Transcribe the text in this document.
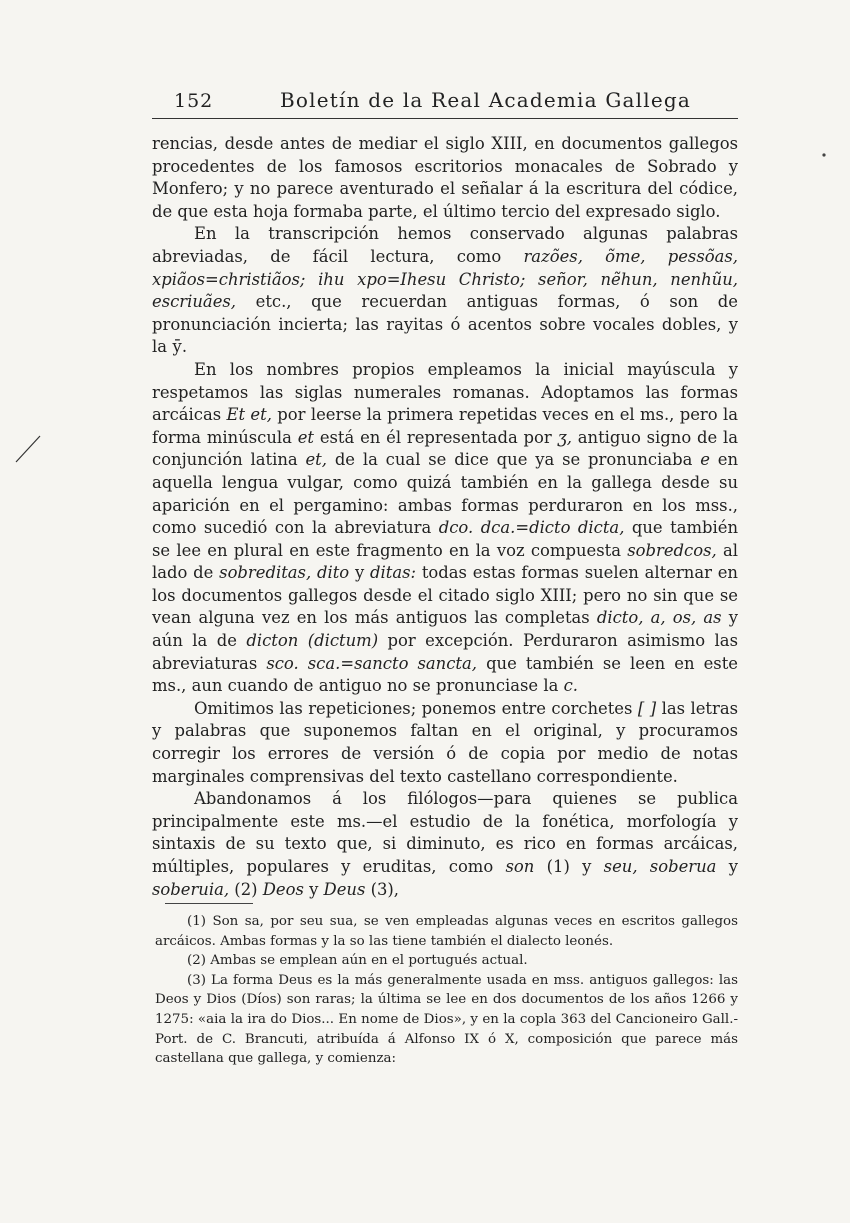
152	Boletín de la Real Academia Gallega

rencias, desde antes de mediar el siglo XIII, en documentos gallegos procedentes de los famosos escritorios monacales de Sobrado y Monfero; y no parece aventurado el señalar á la escritura del códice, de que esta hoja formaba parte, el último tercio del expresado siglo.

En la transcripción hemos conservado algunas palabras abreviadas, de fácil lectura, como razões, õme, pessõas, xpiãos=christiãos; ihu xpo=Ihesu Christo; señor, nẽhun, nenhũu, escriuães, etc., que recuerdan antiguas formas, ó son de pronunciación incierta; las rayitas ó acentos sobre vocales dobles, y la ӯ.

En los nombres propios empleamos la inicial mayúscula y respetamos las siglas numerales romanas. Adoptamos las formas arcáicas Et et, por leerse la primera repetidas veces en el ms., pero la forma minúscula et está en él representada por ʒ, antiguo signo de la conjunción latina et, de la cual se dice que ya se pronunciaba e en aquella lengua vulgar, como quizá también en la gallega desde su aparición en el pergamino: ambas formas perduraron en los mss., como sucedió con la abreviatura dco. dca.=dicto dicta, que también se lee en plural en este fragmento en la voz compuesta sobredcos, al lado de sobreditas, dito y ditas: todas estas formas suelen alternar en los documentos gallegos desde el citado siglo XIII; pero no sin que se vean alguna vez en los más antiguos las completas dicto, a, os, as y aún la de dicton (dictum) por excepción. Perduraron asimismo las abreviaturas sco. sca.=sancto sancta, que también se leen en este ms., aun cuando de antiguo no se pronunciase la c.

Omitimos las repeticiones; ponemos entre corchetes [ ] las letras y palabras que suponemos faltan en el original, y procuramos corregir los errores de versión ó de copia por medio de notas marginales comprensivas del texto castellano correspondiente.

Abandonamos á los filólogos—para quienes se publica principalmente este ms.—el estudio de la fonética, morfología y sintaxis de su texto que, si diminuto, es rico en formas arcáicas, múltiples, populares y eruditas, como son (1) y seu, soberua y soberuia, (2) Deos y Deus (3),

(1) Son sa, por seu sua, se ven empleadas algunas veces en escritos gallegos arcáicos. Ambas formas y la so las tiene también el dialecto leonés.

(2) Ambas se emplean aún en el portugués actual.

(3) La forma Deus es la más generalmente usada en mss. antiguos gallegos: las Deos y Dios (Díos) son raras; la última se lee en dos documentos de los años 1266 y 1275: «aia la ira do Dios... En nome de Dios», y en la copla 363 del Cancioneiro Gall.-Port. de C. Brancuti, atribuída á Alfonso IX ó X, composición que parece más castellana que gallega, y comienza:
